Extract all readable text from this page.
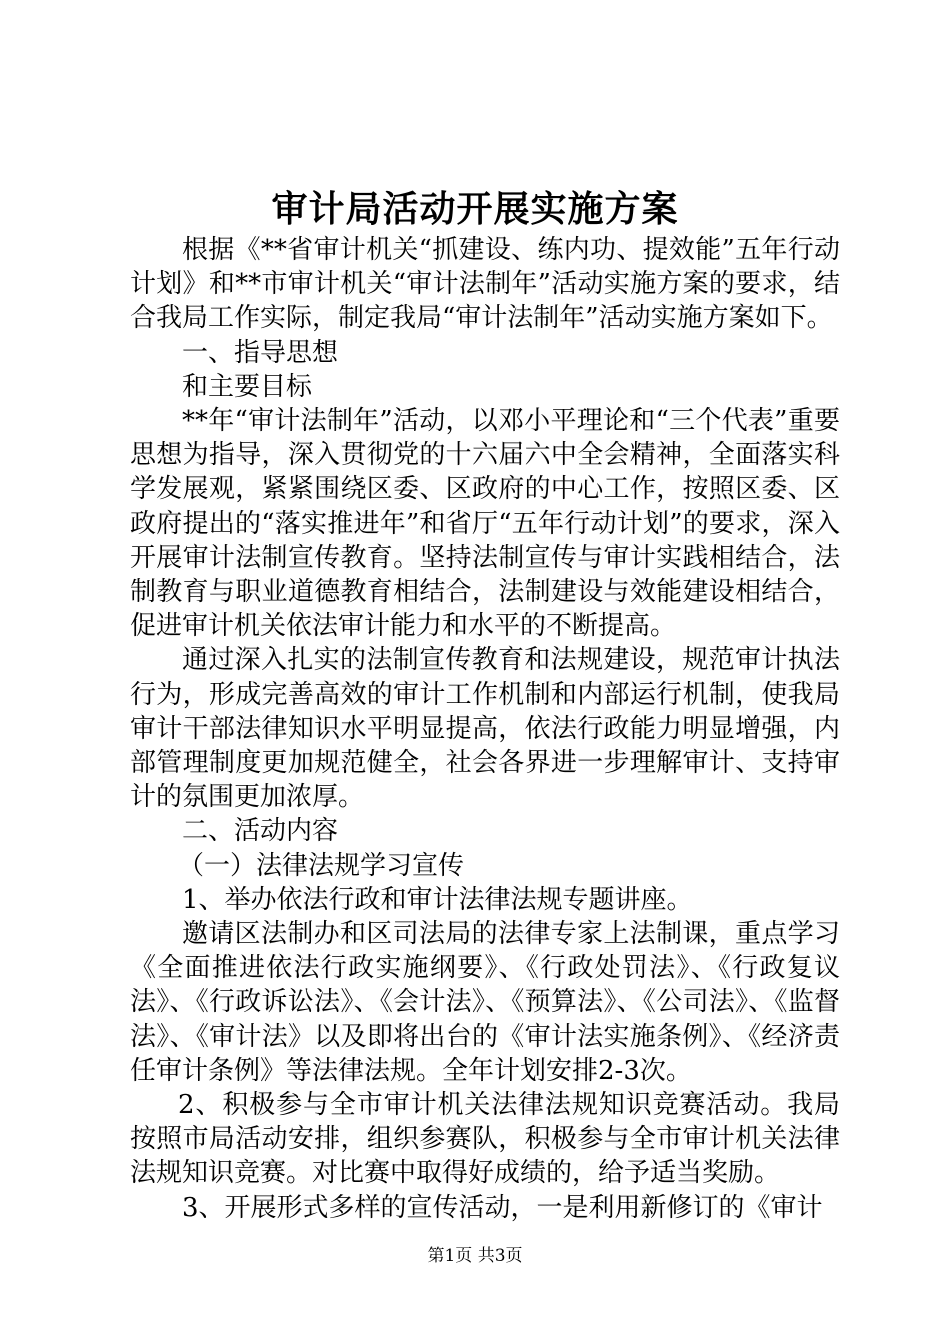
审计局活动开展实施方案

根据《**省审计机关“抓建设、练内功、提效能”五年行动计划》和**市审计机关“审计法制年”活动实施方案的要求，结合我局工作实际，制定我局“审计法制年”活动实施方案如下。

一、指导思想

和主要目标

**年“审计法制年”活动，以邓小平理论和“三个代表”重要思想为指导，深入贯彻党的十六届六中全会精神，全面落实科学发展观，紧紧围绕区委、区政府的中心工作，按照区委、区政府提出的“落实推进年”和省厅“五年行动计划”的要求，深入开展审计法制宣传教育。坚持法制宣传与审计实践相结合，法制教育与职业道德教育相结合，法制建设与效能建设相结合，促进审计机关依法审计能力和水平的不断提高。

通过深入扎实的法制宣传教育和法规建设，规范审计执法行为，形成完善高效的审计工作机制和内部运行机制，使我局审计干部法律知识水平明显提高，依法行政能力明显增强，内部管理制度更加规范健全，社会各界进一步理解审计、支持审计的氛围更加浓厚。

二、活动内容

（一）法律法规学习宣传

1、举办依法行政和审计法律法规专题讲座。

邀请区法制办和区司法局的法律专家上法制课，重点学习《全面推进依法行政实施纲要》、《行政处罚法》、《行政复议法》、《行政诉讼法》、《会计法》、《预算法》、《公司法》、《监督法》、《审计法》以及即将出台的《审计法实施条例》、《经济责任审计条例》等法律法规。全年计划安排2-3次。

2、积极参与全市审计机关法律法规知识竞赛活动。我局按照市局活动安排，组织参赛队，积极参与全市审计机关法律法规知识竞赛。对比赛中取得好成绩的，给予适当奖励。

3、开展形式多样的宣传活动，一是利用新修订的《审计

第1页 共3页
